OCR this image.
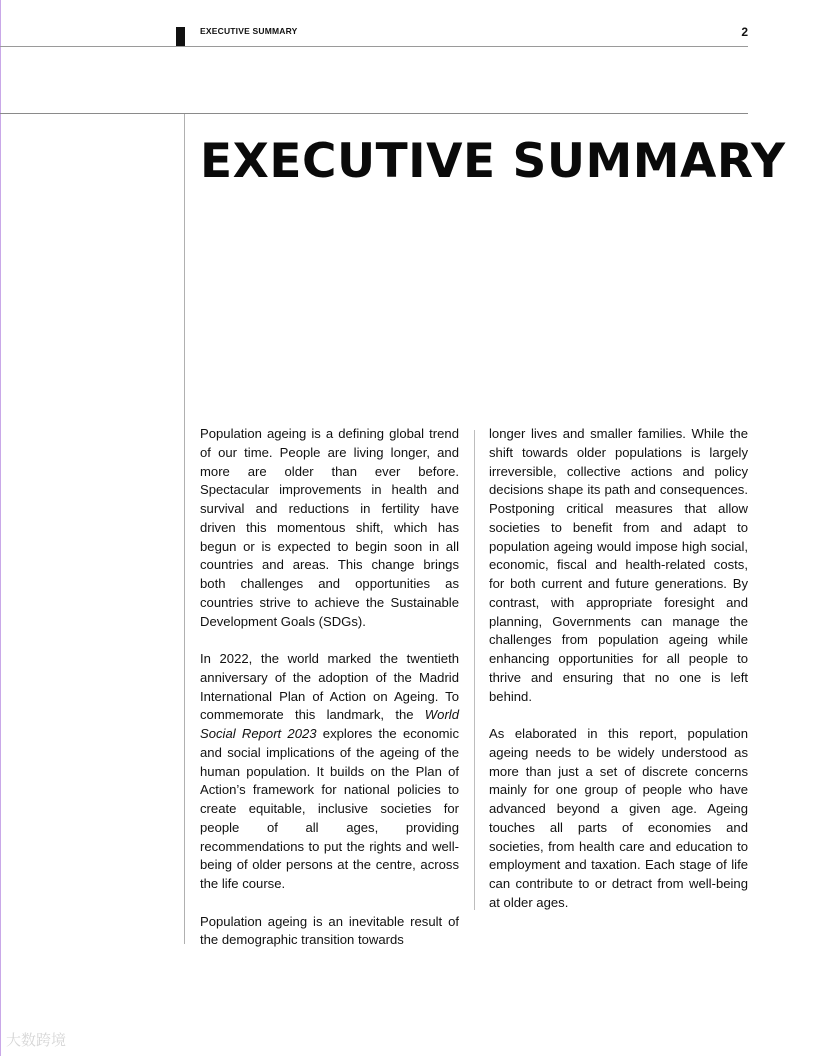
EXECUTIVE SUMMARY	2
EXECUTIVE SUMMARY

Population ageing is a defining global trend of our time. People are living longer, and more are older than ever before. Spectacular improvements in health and survival and reductions in fertility have driven this momentous shift, which has begun or is expected to begin soon in all countries and areas. This change brings both challenges and opportunities as countries strive to achieve the Sustainable Development Goals (SDGs).

In 2022, the world marked the twentieth anniversary of the adoption of the Madrid International Plan of Action on Ageing. To commemorate this landmark, the World Social Report 2023 explores the economic and social implications of the ageing of the human population. It builds on the Plan of Action’s framework for national policies to create equitable, inclusive societies for people of all ages, providing recommendations to put the rights and well-being of older persons at the centre, across the life course.

Population ageing is an inevitable result of the demographic transition towards

longer lives and smaller families. While the shift towards older populations is largely irreversible, collective actions and policy decisions shape its path and consequences. Postponing critical measures that allow societies to benefit from and adapt to population ageing would impose high social, economic, fiscal and health-related costs, for both current and future generations. By contrast, with appropriate foresight and planning, Governments can manage the challenges from population ageing while enhancing opportunities for all people to thrive and ensuring that no one is left behind.

As elaborated in this report, population ageing needs to be widely understood as more than just a set of discrete concerns mainly for one group of people who have advanced beyond a given age. Ageing touches all parts of economies and societies, from health care and education to employment and taxation. Each stage of life can contribute to or detract from well-being at older ages.

大数跨境
